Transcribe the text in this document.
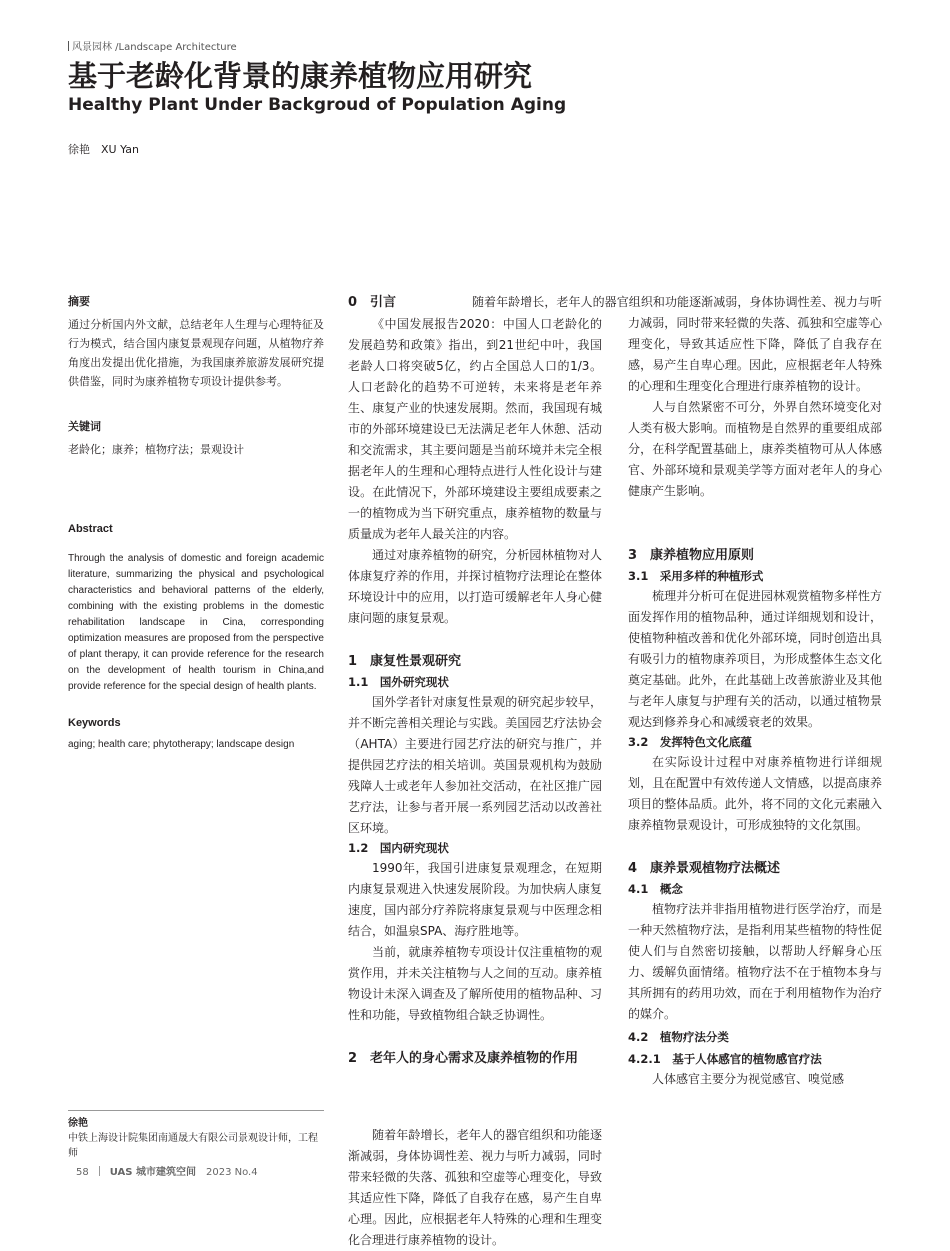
风景园林 /Landscape Architecture
基于老龄化背景的康养植物应用研究
Healthy Plant Under Backgroud of Population Aging
徐艳　XU Yan

摘要

通过分析国内外文献，总结老年人生理与心理特征及行为模式，结合国内康复景观现存问题，从植物疗养角度出发提出优化措施，为我国康养旅游发展研究提供借鉴，同时为康养植物专项设计提供参考。

关键词

老龄化；康养；植物疗法；景观设计

Abstract

Through the analysis of domestic and foreign academic literature, summarizing the physical and psychological characteristics and behavioral patterns of the elderly, combining with the existing problems in the domestic rehabilitation landscape in Cina, corresponding optimization measures are proposed from the perspective of plant therapy, it can provide reference for the research on the development of health tourism in China,and provide reference for the special design of health plants.

Keywords

aging; health care; phytotherapy; landscape design

徐艳
中铁上海设计院集团南通晟大有限公司景观设计师，工程师

0　引言

《中国发展报告2020：中国人口老龄化的发展趋势和政策》指出，到21世纪中叶，我国老龄人口将突破5亿，约占全国总人口的1/3。人口老龄化的趋势不可逆转，未来将是老年养生、康复产业的快速发展期。然而，我国现有城市的外部环境建设已无法满足老年人休憩、活动和交流需求，其主要问题是当前环境并未完全根据老年人的生理和心理特点进行人性化设计与建设。在此情况下，外部环境建设主要组成要素之一的植物成为当下研究重点，康养植物的数量与质量成为老年人最关注的内容。

通过对康养植物的研究，分析园林植物对人体康复疗养的作用，并探讨植物疗法理论在整体环境设计中的应用，以打造可缓解老年人身心健康问题的康复景观。

1　康复性景观研究

1.1　国外研究现状

国外学者针对康复性景观的研究起步较早，并不断完善相关理论与实践。美国园艺疗法协会（AHTA）主要进行园艺疗法的研究与推广，并提供园艺疗法的相关培训。英国景观机构为鼓励残障人士或老年人参加社交活动，在社区推广园艺疗法，让参与者开展一系列园艺活动以改善社区环境。

1.2　国内研究现状

1990年，我国引进康复景观理念，在短期内康复景观进入快速发展阶段。为加快病人康复速度，国内部分疗养院将康复景观与中医理念相结合，如温泉SPA、海疗胜地等。

当前，就康养植物专项设计仅注重植物的观赏作用，并未关注植物与人之间的互动。康养植物设计未深入调查及了解所使用的植物品种、习性和功能，导致植物组合缺乏协调性。

2　老年人的身心需求及康养植物的作用

随着年龄增长，老年人的器官组织和功能逐渐减弱，身体协调性差、视力与听力减弱，同时带来轻微的失落、孤独和空虚等心理变化，导致其适应性下降，降低了自我存在感，易产生自卑心理。因此，应根据老年人特殊的心理和生理变化合理进行康养植物的设计。

随着年龄增长，老年人的器官组织和功能逐渐减弱，身体协调性差、视力与听力减弱，同时带来轻微的失落、孤独和空虚等心理变化，导致其适应性下降，降低了自我存在感，易产生自卑心理。因此，应根据老年人特殊的心理和生理变化合理进行康养植物的设计。

人与自然紧密不可分，外界自然环境变化对人类有极大影响。而植物是自然界的重要组成部分，在科学配置基础上，康养类植物可从人体感官、外部环境和景观美学等方面对老年人的身心健康产生影响。

3　康养植物应用原则

3.1　采用多样的种植形式

梳理并分析可在促进园林观赏植物多样性方面发挥作用的植物品种，通过详细规划和设计，使植物种植改善和优化外部环境，同时创造出具有吸引力的植物康养项目，为形成整体生态文化奠定基础。此外，在此基础上改善旅游业及其他与老年人康复与护理有关的活动，以通过植物景观达到修养身心和减缓衰老的效果。

3.2　发挥特色文化底蕴

在实际设计过程中对康养植物进行详细规划，且在配置中有效传递人文情感，以提高康养项目的整体品质。此外，将不同的文化元素融入康养植物景观设计，可形成独特的文化氛围。

4　康养景观植物疗法概述

4.1　概念

植物疗法并非指用植物进行医学治疗，而是一种天然植物疗法，是指利用某些植物的特性促使人们与自然密切接触，以帮助人纾解身心压力、缓解负面情绪。植物疗法不在于植物本身与其所拥有的药用功效，而在于利用植物作为治疗的媒介。

4.2　植物疗法分类

4.2.1　基于人体感官的植物感官疗法

人体感官主要分为视觉感官、嗅觉感

58 UAS 城市建筑空间 2023 No.4
